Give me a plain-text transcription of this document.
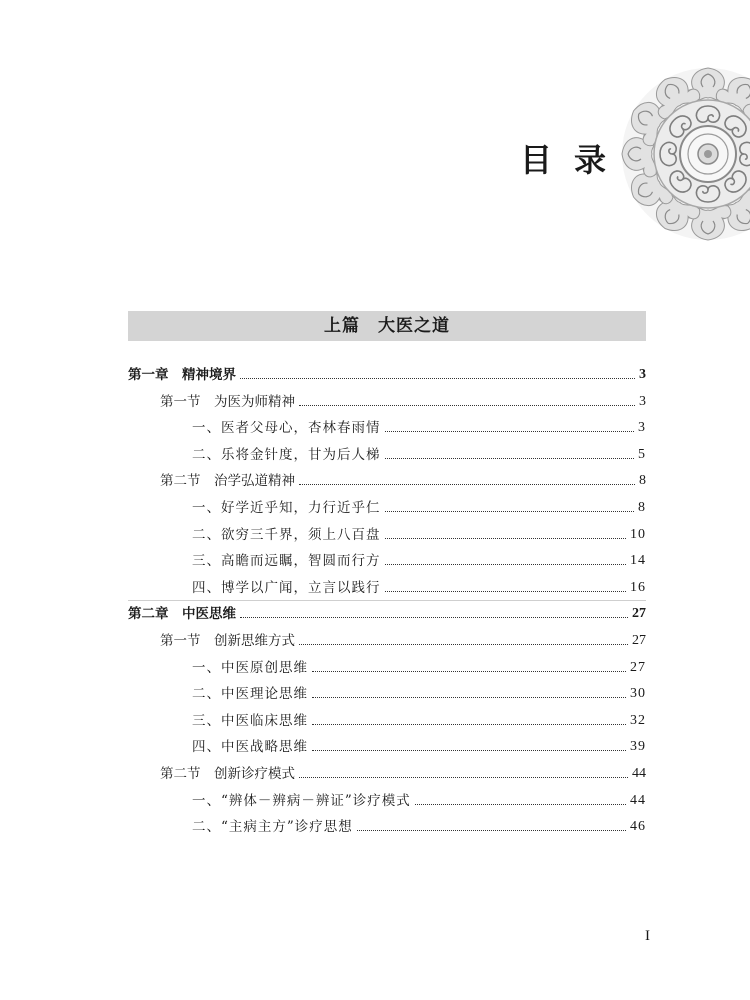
目录
上篇　大医之道
第一章　精神境界	3
第一节　为医为师精神	3
一、医者父母心，杏林春雨情	3
二、乐将金针度，甘为后人梯	5
第二节　治学弘道精神	8
一、好学近乎知，力行近乎仁	8
二、欲穷三千界，须上八百盘	10
三、高瞻而远瞩，智圆而行方	14
四、博学以广闻，立言以践行	16
第二章　中医思维	27
第一节　创新思维方式	27
一、中医原创思维	27
二、中医理论思维	30
三、中医临床思维	32
四、中医战略思维	39
第二节　创新诊疗模式	44
一、“辨体－辨病－辨证”诊疗模式	44
二、“主病主方”诊疗思想	46
I
